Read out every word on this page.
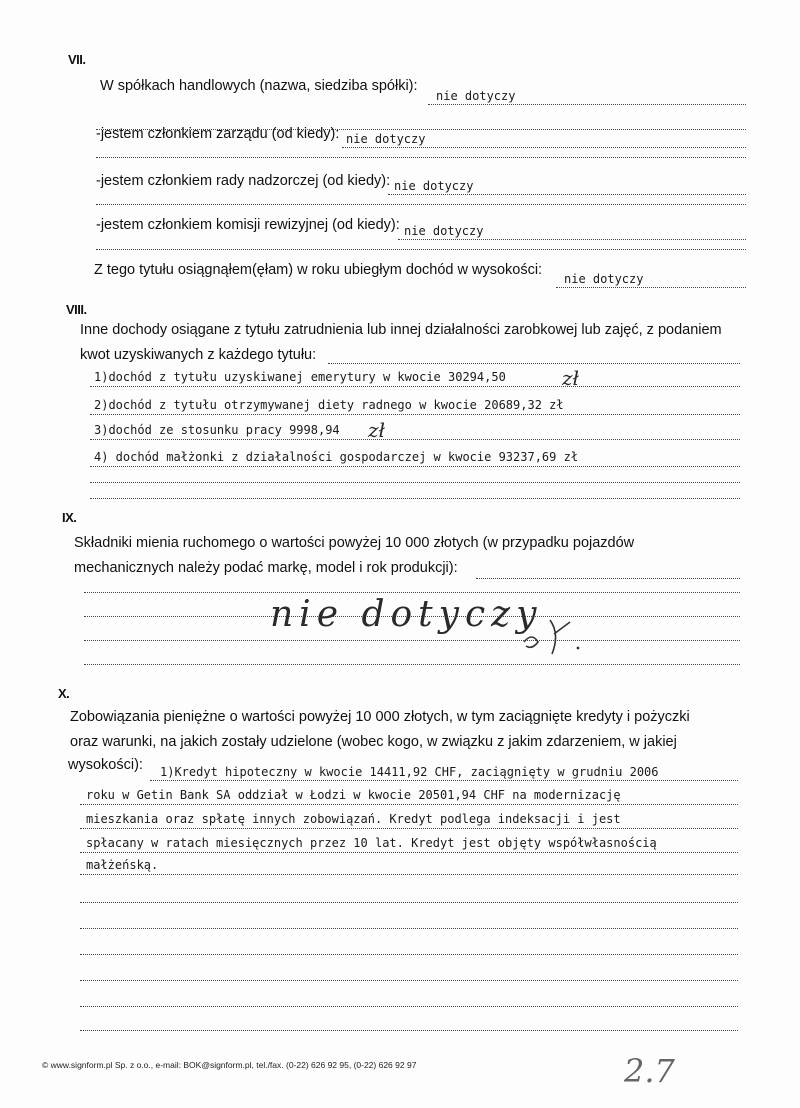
VII.
W spółkach handlowych (nazwa, siedziba spółki):
nie dotyczy
-jestem członkiem zarządu (od kiedy): nie dotyczy
-jestem członkiem rady nadzorczej (od kiedy): nie dotyczy
-jestem członkiem komisji rewizyjnej (od kiedy): nie dotyczy
Z tego tytułu osiągnąłem(ęłam) w roku ubiegłym dochód w wysokości:
nie dotyczy
VIII.
Inne dochody osiągane z tytułu zatrudnienia lub innej działalności zarobkowej lub zajęć, z podaniem
kwot uzyskiwanych z każdego tytułu:
1)dochód z tytułu uzyskiwanej emerytury w kwocie 30294,50	zł
2)dochód z tytułu otrzymywanej diety radnego w kwocie 20689,32 zł
3)dochód ze stosunku pracy 9998,94 zł
4) dochód małżonki z działalności gospodarczej w kwocie 93237,69 zł
IX.
Składniki mienia ruchomego o wartości powyżej 10 000 złotych (w przypadku pojazdów
mechanicznych należy podać markę, model i rok produkcji):
nie dotyczy
X.
Zobowiązania pieniężne o wartości powyżej 10 000 złotych, w tym zaciągnięte kredyty i pożyczki
oraz warunki, na jakich zostały udzielone (wobec kogo, w związku z jakim zdarzeniem, w jakiej
wysokości): 1)Kredyt hipoteczny w kwocie 14411,92 CHF, zaciągnięty w grudniu 2006
roku w Getin Bank SA oddział w Łodzi w kwocie 20501,94 CHF na modernizację
mieszkania oraz spłatę innych zobowiązań. Kredyt podlega indeksacji i jest
spłacany w ratach miesięcznych przez 10 lat. Kredyt jest objęty współwłasnością
małżeńską.
© www.signform.pl Sp. z o.o., e-mail: BOK@signform.pl, tel./fax. (0-22) 626 92 95, (0-22) 626 92 97	2.7
